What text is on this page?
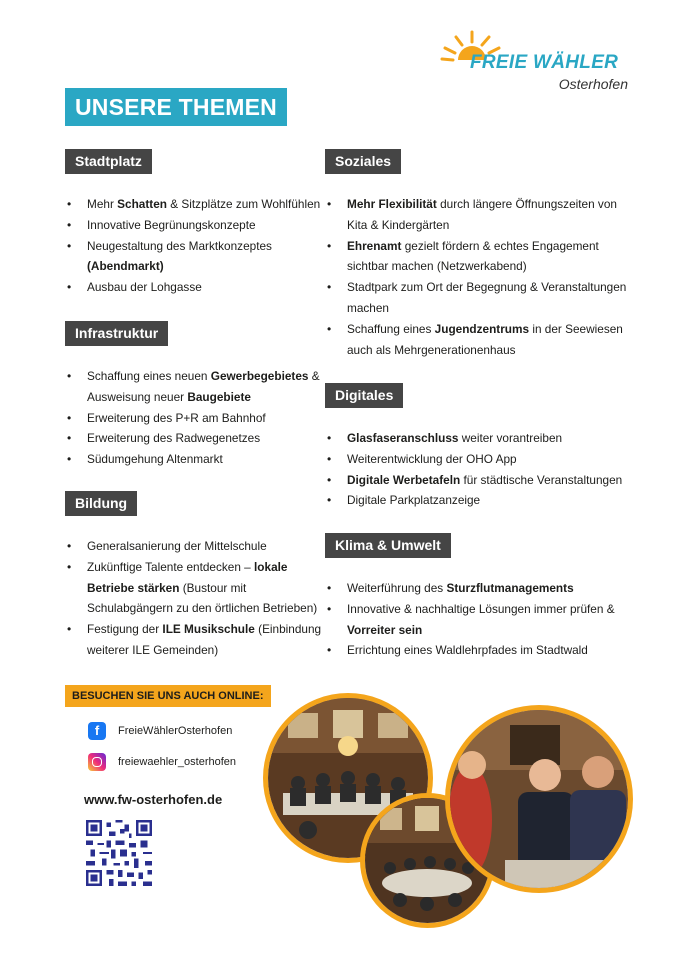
FREIE WÄHLER
Osterhofen
UNSERE THEMEN
Stadtplatz
• Mehr Schatten & Sitzplätze zum Wohlfühlen
• Innovative Begrünungskonzepte
• Neugestaltung des Marktkonzeptes (Abendmarkt)
• Ausbau der Lohgasse
Infrastruktur
• Schaffung eines neuen Gewerbegebietes & Ausweisung neuer Baugebiete
• Erweiterung des P+R am Bahnhof
• Erweiterung des Radwegenetzes
• Südumgehung Altenmarkt
Bildung
• Generalsanierung der Mittelschule
• Zukünftige Talente entdecken – lokale Betriebe stärken (Bustour mit Schulabgängern zu den örtlichen Betrieben)
• Festigung der ILE Musikschule (Einbindung weiterer ILE Gemeinden)
Soziales
• Mehr Flexibilität durch längere Öffnungszeiten von Kita & Kindergärten
• Ehrenamt gezielt fördern & echtes Engagement sichtbar machen (Netzwerkabend)
• Stadtpark zum Ort der Begegnung & Veranstaltungen machen
• Schaffung eines Jugendzentrums in der Seewiesen auch als Mehrgenerationenhaus
Digitales
• Glasfaseranschluss weiter vorantreiben
• Weiterentwicklung der OHO App
• Digitale Werbetafeln für städtische Veranstaltungen
• Digitale Parkplatzanzeige
Klima & Umwelt
• Weiterführung des Sturzflutmanagements
• Innovative & nachhaltige Lösungen immer prüfen & Vorreiter sein
• Errichtung eines Waldlehrpfades im Stadtwald
BESUCHEN SIE UNS AUCH ONLINE:
f	FreieWählerOsterhofen
freiewaehler_osterhofen
www.fw-osterhofen.de
